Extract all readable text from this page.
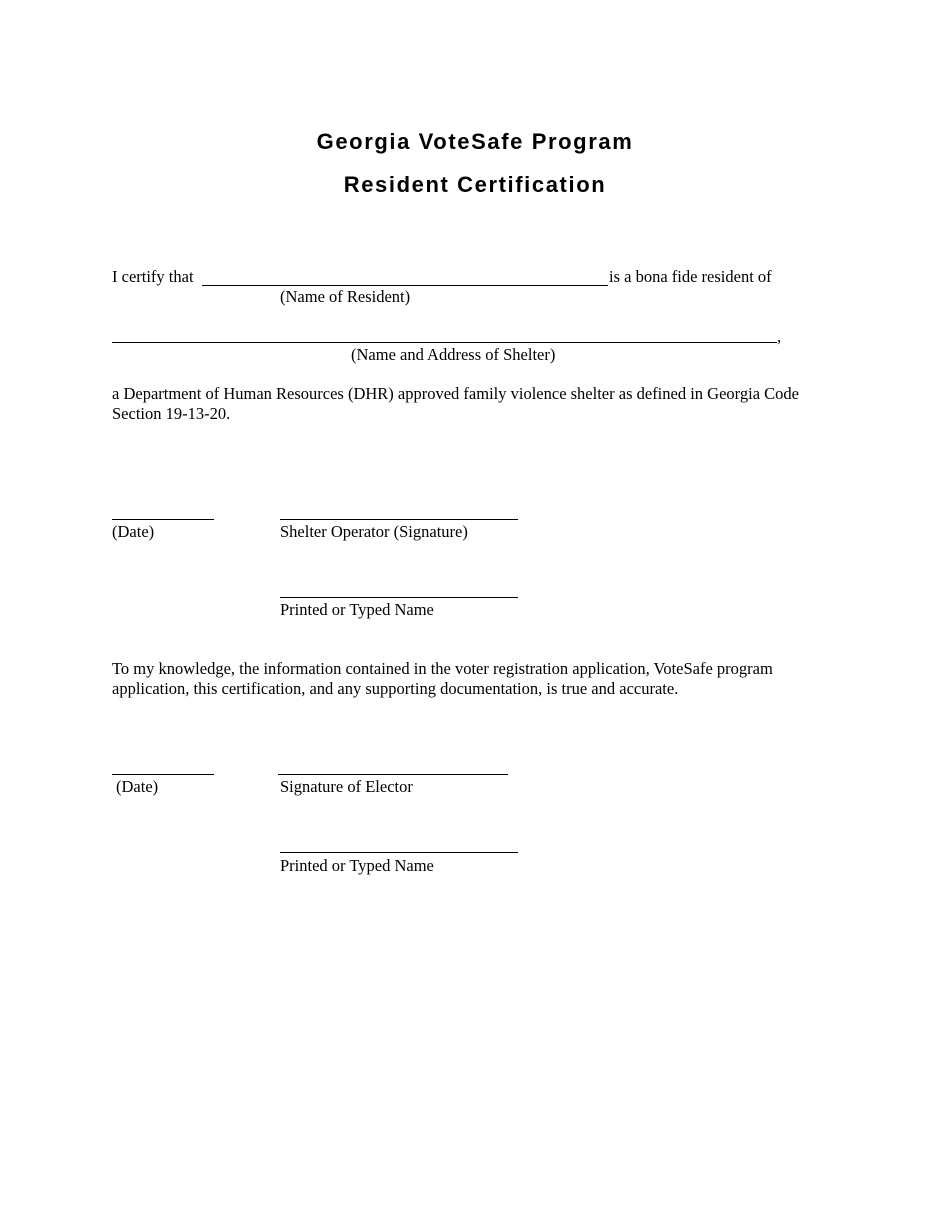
Georgia VoteSafe Program
Resident Certification
I certify that	is a bona fide resident of
(Name of Resident)
,
(Name and Address of Shelter)
a Department of Human Resources (DHR) approved family violence shelter as defined in Georgia Code Section 19-13-20.
(Date)	Shelter Operator (Signature)
Printed or Typed Name
To my knowledge, the information contained in the voter registration application, VoteSafe program application, this certification, and any supporting documentation, is true and accurate.
(Date)	Signature of Elector
Printed or Typed Name
